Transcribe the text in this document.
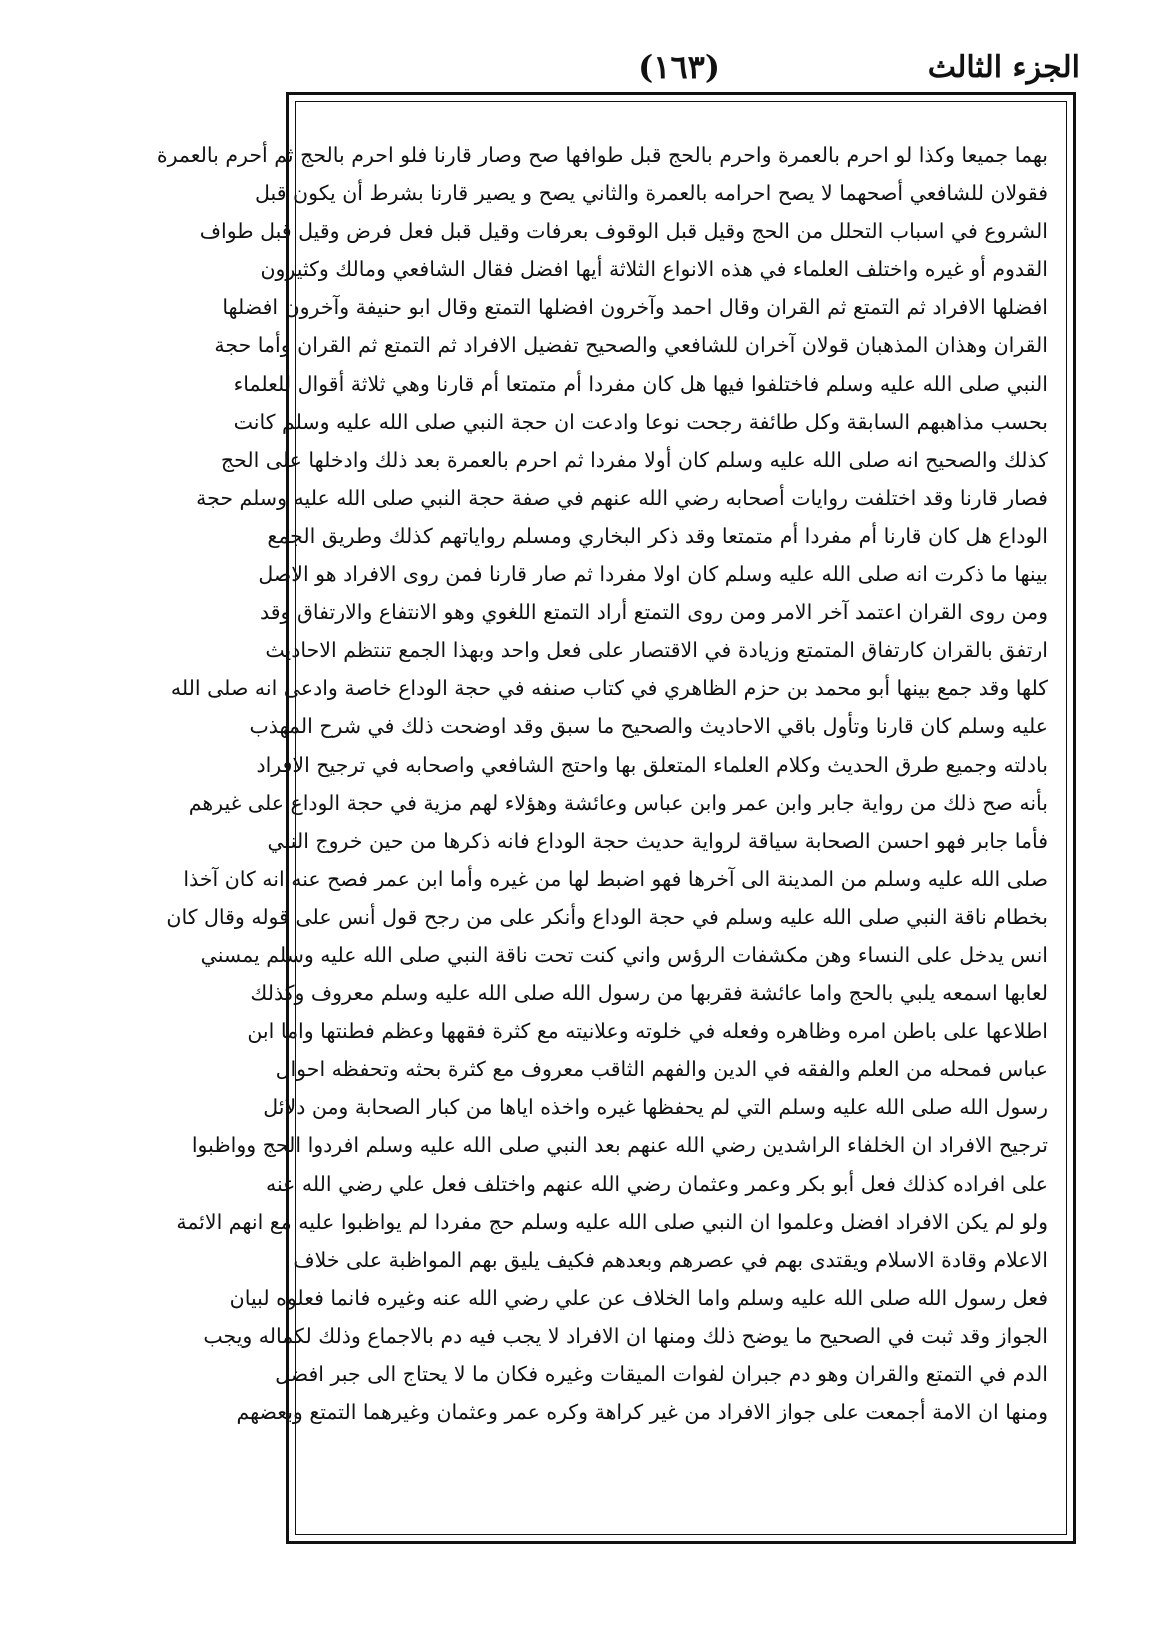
الجزء الثالث
(١٦٣)
بهما جميعا وكذا لو احرم بالعمرة واحرم بالحج قبل طوافها صح وصار قارنا فلو احرم بالحج ثم أحرم بالعمرة
فقولان للشافعي أصحهما لا يصح احرامه بالعمرة والثاني يصح و يصير قارنا بشرط أن يكون قبل
الشروع في اسباب التحلل من الحج وقيل قبل الوقوف بعرفات وقيل قبل فعل فرض وقيل قبل طواف
القدوم أو غيره واختلف العلماء في هذه الانواع الثلاثة أيها افضل فقال الشافعي ومالك وكثيرون
افضلها الافراد ثم التمتع ثم القران وقال احمد وآخرون افضلها التمتع وقال ابو حنيفة وآخرون افضلها
القران وهذان المذهبان قولان آخران للشافعي والصحيح تفضيل الافراد ثم التمتع ثم القران وأما حجة
النبي صلى الله عليه وسلم فاختلفوا فيها هل كان مفردا أم متمتعا أم قارنا وهي ثلاثة أقوال للعلماء
بحسب مذاهبهم السابقة وكل طائفة رجحت نوعا وادعت ان حجة النبي صلى الله عليه وسلم كانت
كذلك والصحيح انه صلى الله عليه وسلم كان أولا مفردا ثم احرم بالعمرة بعد ذلك وادخلها على الحج
فصار قارنا وقد اختلفت روايات أصحابه رضي الله عنهم في صفة حجة النبي صلى الله عليه وسلم حجة
الوداع هل كان قارنا أم مفردا أم متمتعا وقد ذكر البخاري ومسلم رواياتهم كذلك وطريق الجمع
بينها ما ذكرت انه صلى الله عليه وسلم كان اولا مفردا ثم صار قارنا فمن روى الافراد هو الاصل
ومن روى القران اعتمد آخر الامر ومن روى التمتع أراد التمتع اللغوي وهو الانتفاع والارتفاق وقد
ارتفق بالقران كارتفاق المتمتع وزيادة في الاقتصار على فعل واحد وبهذا الجمع تنتظم الاحاديث
كلها وقد جمع بينها أبو محمد بن حزم الظاهري في كتاب صنفه في حجة الوداع خاصة وادعى انه صلى الله
عليه وسلم كان قارنا وتأول باقي الاحاديث والصحيح ما سبق وقد اوضحت ذلك في شرح المهذب
بادلته وجميع طرق الحديث وكلام العلماء المتعلق بها واحتج الشافعي واصحابه في ترجيح الافراد
بأنه صح ذلك من رواية جابر وابن عمر وابن عباس وعائشة وهؤلاء لهم مزية في حجة الوداع على غيرهم
فأما جابر فهو احسن الصحابة سياقة لرواية حديث حجة الوداع فانه ذكرها من حين خروج النبي
صلى الله عليه وسلم من المدينة الى آخرها فهو اضبط لها من غيره وأما ابن عمر فصح عنه انه كان آخذا
بخطام ناقة النبي صلى الله عليه وسلم في حجة الوداع وأنكر على من رجح قول أنس على قوله وقال كان
انس يدخل على النساء وهن مكشفات الرؤس واني كنت تحت ناقة النبي صلى الله عليه وسلم يمسني
لعابها اسمعه يلبي بالحج واما عائشة فقربها من رسول الله صلى الله عليه وسلم معروف وكذلك
اطلاعها على باطن امره وظاهره وفعله في خلوته وعلانيته مع كثرة فقهها وعظم فطنتها واما ابن
عباس فمحله من العلم والفقه في الدين والفهم الثاقب معروف مع كثرة بحثه وتحفظه احوال
رسول الله صلى الله عليه وسلم التي لم يحفظها غيره واخذه اياها من كبار الصحابة ومن دلائل
ترجيح الافراد ان الخلفاء الراشدين رضي الله عنهم بعد النبي صلى الله عليه وسلم افردوا الحج وواظبوا
على افراده كذلك فعل أبو بكر وعمر وعثمان رضي الله عنهم واختلف فعل علي رضي الله عنه
ولو لم يكن الافراد افضل وعلموا ان النبي صلى الله عليه وسلم حج مفردا لم يواظبوا عليه مع انهم الائمة
الاعلام وقادة الاسلام ويقتدى بهم في عصرهم وبعدهم فكيف يليق بهم المواظبة على خلاف
فعل رسول الله صلى الله عليه وسلم واما الخلاف عن علي رضي الله عنه وغيره فانما فعلوه لبيان
الجواز وقد ثبت في الصحيح ما يوضح ذلك ومنها ان الافراد لا يجب فيه دم بالاجماع وذلك لكماله ويجب
الدم في التمتع والقران وهو دم جبران لفوات الميقات وغيره فكان ما لا يحتاج الى جبر افضل
ومنها ان الامة أجمعت على جواز الافراد من غير كراهة وكره عمر وعثمان وغيرهما التمتع وبعضهم
